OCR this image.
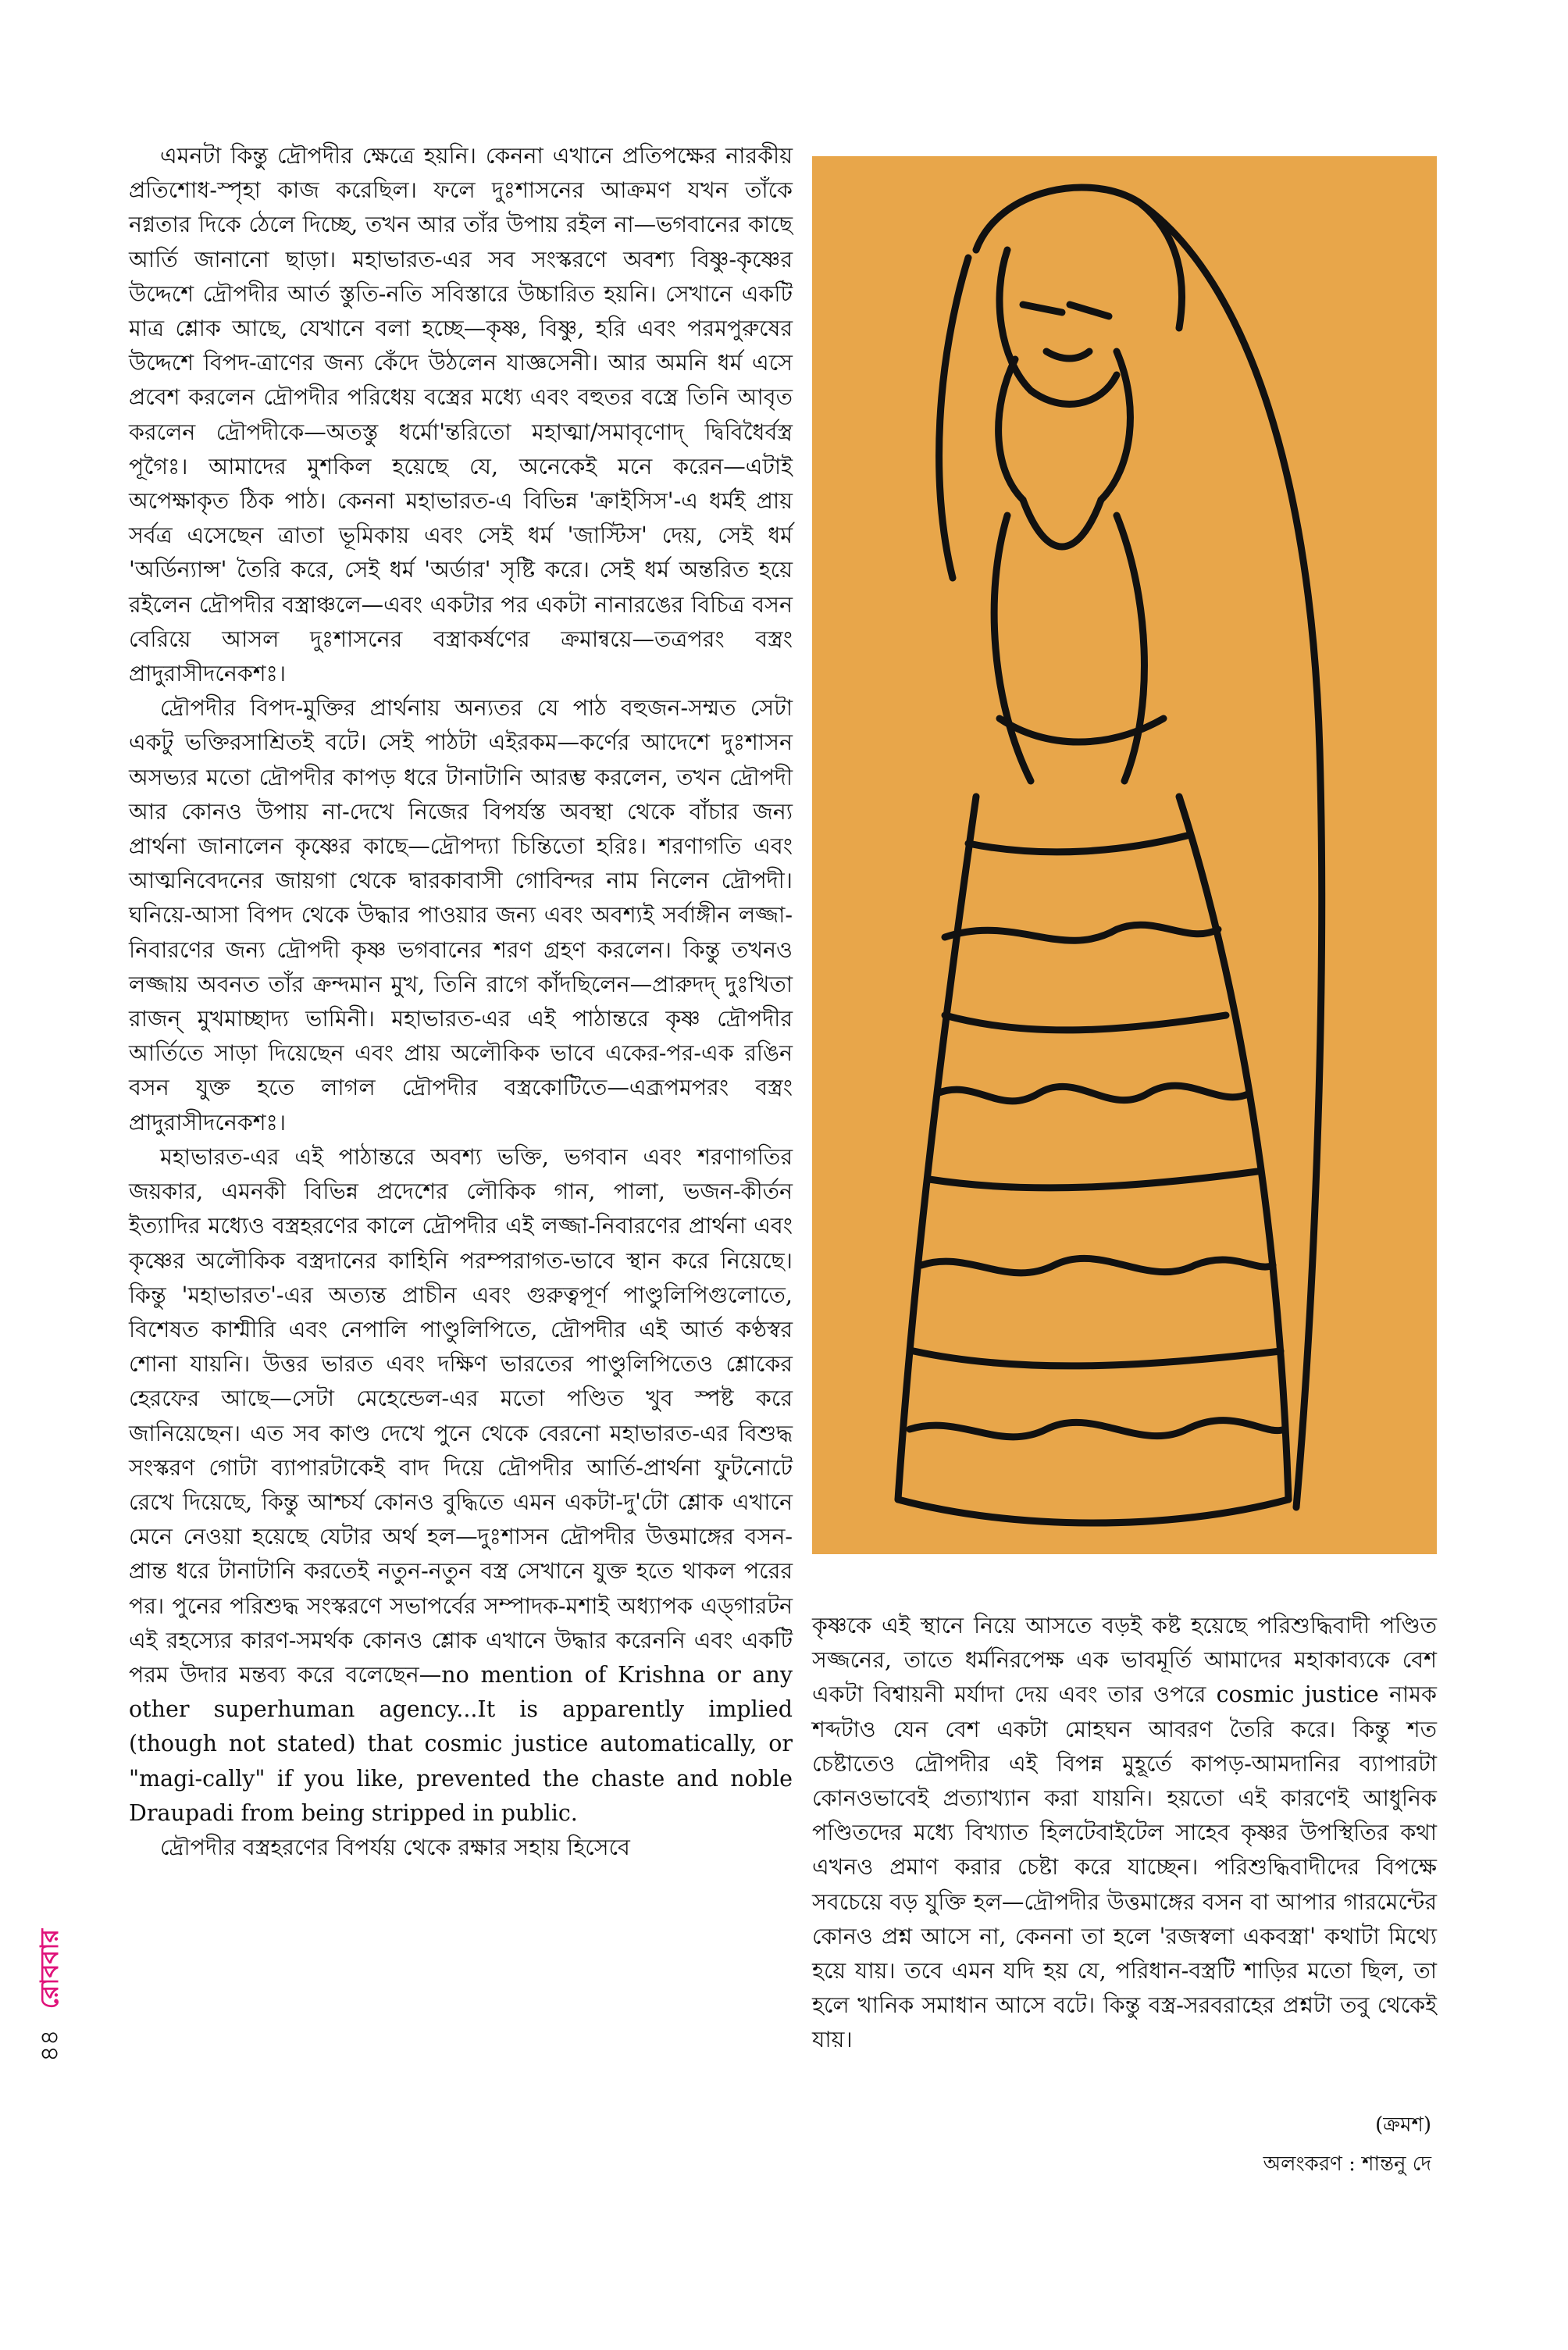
এমনটা কিন্তু দ্রৌপদীর ক্ষেত্রে হয়নি। কেননা এখানে প্রতিপক্ষের নারকীয় প্রতিশোধ-স্পৃহা কাজ করেছিল। ফলে দুঃশাসনের আক্রমণ যখন তাঁকে নগ্নতার দিকে ঠেলে দিচ্ছে, তখন আর তাঁর উপায় রইল না—ভগবানের কাছে আর্তি জানানো ছাড়া। মহাভারত-এর সব সংস্করণে অবশ্য বিষ্ণু-কৃষ্ণের উদ্দেশে দ্রৌপদীর আর্ত স্তুতি-নতি সবিস্তারে উচ্চারিত হয়নি। সেখানে একটি মাত্র শ্লোক আছে, যেখানে বলা হচ্ছে—কৃষ্ণ, বিষ্ণু, হরি এবং পরমপুরুষের উদ্দেশে বিপদ-ত্রাণের জন্য কেঁদে উঠলেন যাজ্ঞসেনী। আর অমনি ধর্ম এসে প্রবেশ করলেন দ্রৌপদীর পরিধেয় বস্ত্রের মধ্যে এবং বহুতর বস্ত্রে তিনি আবৃত করলেন দ্রৌপদীকে—অতস্তু ধর্মো'ন্তরিতো মহাত্মা/সমাবৃণোদ্ দ্বিবিধৈর্বস্ত্র পূগৈঃ। আমাদের মুশকিল হয়েছে যে, অনেকেই মনে করেন—এটাই অপেক্ষাকৃত ঠিক পাঠ। কেননা মহাভারত-এ বিভিন্ন 'ক্রাইসিস'-এ ধর্মই প্রায় সর্বত্র এসেছেন ত্রাতা ভূমিকায় এবং সেই ধর্ম 'জাস্টিস' দেয়, সেই ধর্ম 'অর্ডিন্যান্স' তৈরি করে, সেই ধর্ম 'অর্ডার' সৃষ্টি করে। সেই ধর্ম অন্তরিত হয়ে রইলেন দ্রৌপদীর বস্ত্রাঞ্চলে—এবং একটার পর একটা নানারঙের বিচিত্র বসন বেরিয়ে আসল দুঃশাসনের বস্ত্রাকর্ষণের ক্রমান্বয়ে—তত্রপরং বস্ত্রং প্রাদুরাসীদনেকশঃ।

দ্রৌপদীর বিপদ-মুক্তির প্রার্থনায় অন্যতর যে পাঠ বহুজন-সম্মত সেটা একটু ভক্তিরসাশ্রিতই বটে। সেই পাঠটা এইরকম—কর্ণের আদেশে দুঃশাসন অসভ্যর মতো দ্রৌপদীর কাপড় ধরে টানাটানি আরম্ভ করলেন, তখন দ্রৌপদী আর কোনও উপায় না-দেখে নিজের বিপর্যস্ত অবস্থা থেকে বাঁচার জন্য প্রার্থনা জানালেন কৃষ্ণের কাছে—দ্রৌপদ্যা চিন্তিতো হরিঃ। শরণাগতি এবং আত্মনিবেদনের জায়গা থেকে দ্বারকাবাসী গোবিন্দর নাম নিলেন দ্রৌপদী। ঘনিয়ে-আসা বিপদ থেকে উদ্ধার পাওয়ার জন্য এবং অবশ্যই সর্বাঙ্গীন লজ্জা-নিবারণের জন্য দ্রৌপদী কৃষ্ণ ভগবানের শরণ গ্রহণ করলেন। কিন্তু তখনও লজ্জায় অবনত তাঁর ক্রন্দমান মুখ, তিনি রাগে কাঁদছিলেন—প্রারুদদ্ দুঃখিতা রাজন্ মুখমাচ্ছাদ্য ভামিনী। মহাভারত-এর এই পাঠান্তরে কৃষ্ণ দ্রৌপদীর আর্তিতে সাড়া দিয়েছেন এবং প্রায় অলৌকিক ভাবে একের-পর-এক রঙিন বসন যুক্ত হতে লাগল দ্রৌপদীর বস্ত্রকোটিতে—এব্রূপমপরং বস্ত্রং প্রাদুরাসীদনেকশঃ।

মহাভারত-এর এই পাঠান্তরে অবশ্য ভক্তি, ভগবান এবং শরণাগতির জয়কার, এমনকী বিভিন্ন প্রদেশের লৌকিক গান, পালা, ভজন-কীর্তন ইত্যাদির মধ্যেও বস্ত্রহরণের কালে দ্রৌপদীর এই লজ্জা-নিবারণের প্রার্থনা এবং কৃষ্ণের অলৌকিক বস্ত্রদানের কাহিনি পরম্পরাগত-ভাবে স্থান করে নিয়েছে। কিন্তু 'মহাভারত'-এর অত্যন্ত প্রাচীন এবং গুরুত্বপূর্ণ পাণ্ডুলিপিগুলোতে, বিশেষত কাশ্মীরি এবং নেপালি পাণ্ডুলিপিতে, দ্রৌপদীর এই আর্ত কণ্ঠস্বর শোনা যায়নি। উত্তর ভারত এবং দক্ষিণ ভারতের পাণ্ডুলিপিতেও শ্লোকের হেরফের আছে—সেটা মেহেন্ডেল-এর মতো পণ্ডিত খুব স্পষ্ট করে জানিয়েছেন। এত সব কাণ্ড দেখে পুনে থেকে বেরনো মহাভারত-এর বিশুদ্ধ সংস্করণ গোটা ব্যাপারটাকেই বাদ দিয়ে দ্রৌপদীর আর্তি-প্রার্থনা ফুটনোটে রেখে দিয়েছে, কিন্তু আশ্চর্য কোনও বুদ্ধিতে এমন একটা-দু'টো শ্লোক এখানে মেনে নেওয়া হয়েছে যেটার অর্থ হল—দুঃশাসন দ্রৌপদীর উত্তমাঙ্গের বসন-প্রান্ত ধরে টানাটানি করতেই নতুন-নতুন বস্ত্র সেখানে যুক্ত হতে থাকল পরের পর। পুনের পরিশুদ্ধ সংস্করণে সভাপর্বের সম্পাদক-মশাই অধ্যাপক এড্‌গারটন এই রহস্যের কারণ-সমর্থক কোনও শ্লোক এখানে উদ্ধার করেননি এবং একটি পরম উদার মন্তব্য করে বলেছেন—no mention of Krishna or any other superhuman agency...It is apparently implied (though not stated) that cosmic justice automatically, or "magi-cally" if you like, prevented the chaste and noble Draupadi from being stripped in public.

দ্রৌপদীর বস্ত্রহরণের বিপর্যয় থেকে রক্ষার সহায় হিসেবে

কৃষ্ণকে এই স্থানে নিয়ে আসতে বড়ই কষ্ট হয়েছে পরিশুদ্ধিবাদী পণ্ডিত সজ্জনের, তাতে ধর্মনিরপেক্ষ এক ভাবমূর্তি আমাদের মহাকাব্যকে বেশ একটা বিশ্বায়নী মর্যাদা দেয় এবং তার ওপরে cosmic justice নামক শব্দটাও যেন বেশ একটা মোহঘন আবরণ তৈরি করে। কিন্তু শত চেষ্টাতেও দ্রৌপদীর এই বিপন্ন মুহূর্তে কাপড়-আমদানির ব্যাপারটা কোনওভাবেই প্রত্যাখ্যান করা যায়নি। হয়তো এই কারণেই আধুনিক পণ্ডিতদের মধ্যে বিখ্যাত হিলটেবাইটেল সাহেব কৃষ্ণর উপস্থিতির কথা এখনও প্রমাণ করার চেষ্টা করে যাচ্ছেন। পরিশুদ্ধিবাদীদের বিপক্ষে সবচেয়ে বড় যুক্তি হল—দ্রৌপদীর উত্তমাঙ্গের বসন বা আপার গারমেন্টের কোনও প্রশ্ন আসে না, কেননা তা হলে 'রজস্বলা একবস্ত্রা' কথাটা মিথ্যে হয়ে যায়। তবে এমন যদি হয় যে, পরিধান-বস্ত্রটি শাড়ির মতো ছিল, তা হলে খানিক সমাধান আসে বটে। কিন্তু বস্ত্র-সরবরাহের প্রশ্নটা তবু থেকেই যায়।

(ক্রমশ)
অলংকরণ : শান্তনু দে
৪৪ রোববার
